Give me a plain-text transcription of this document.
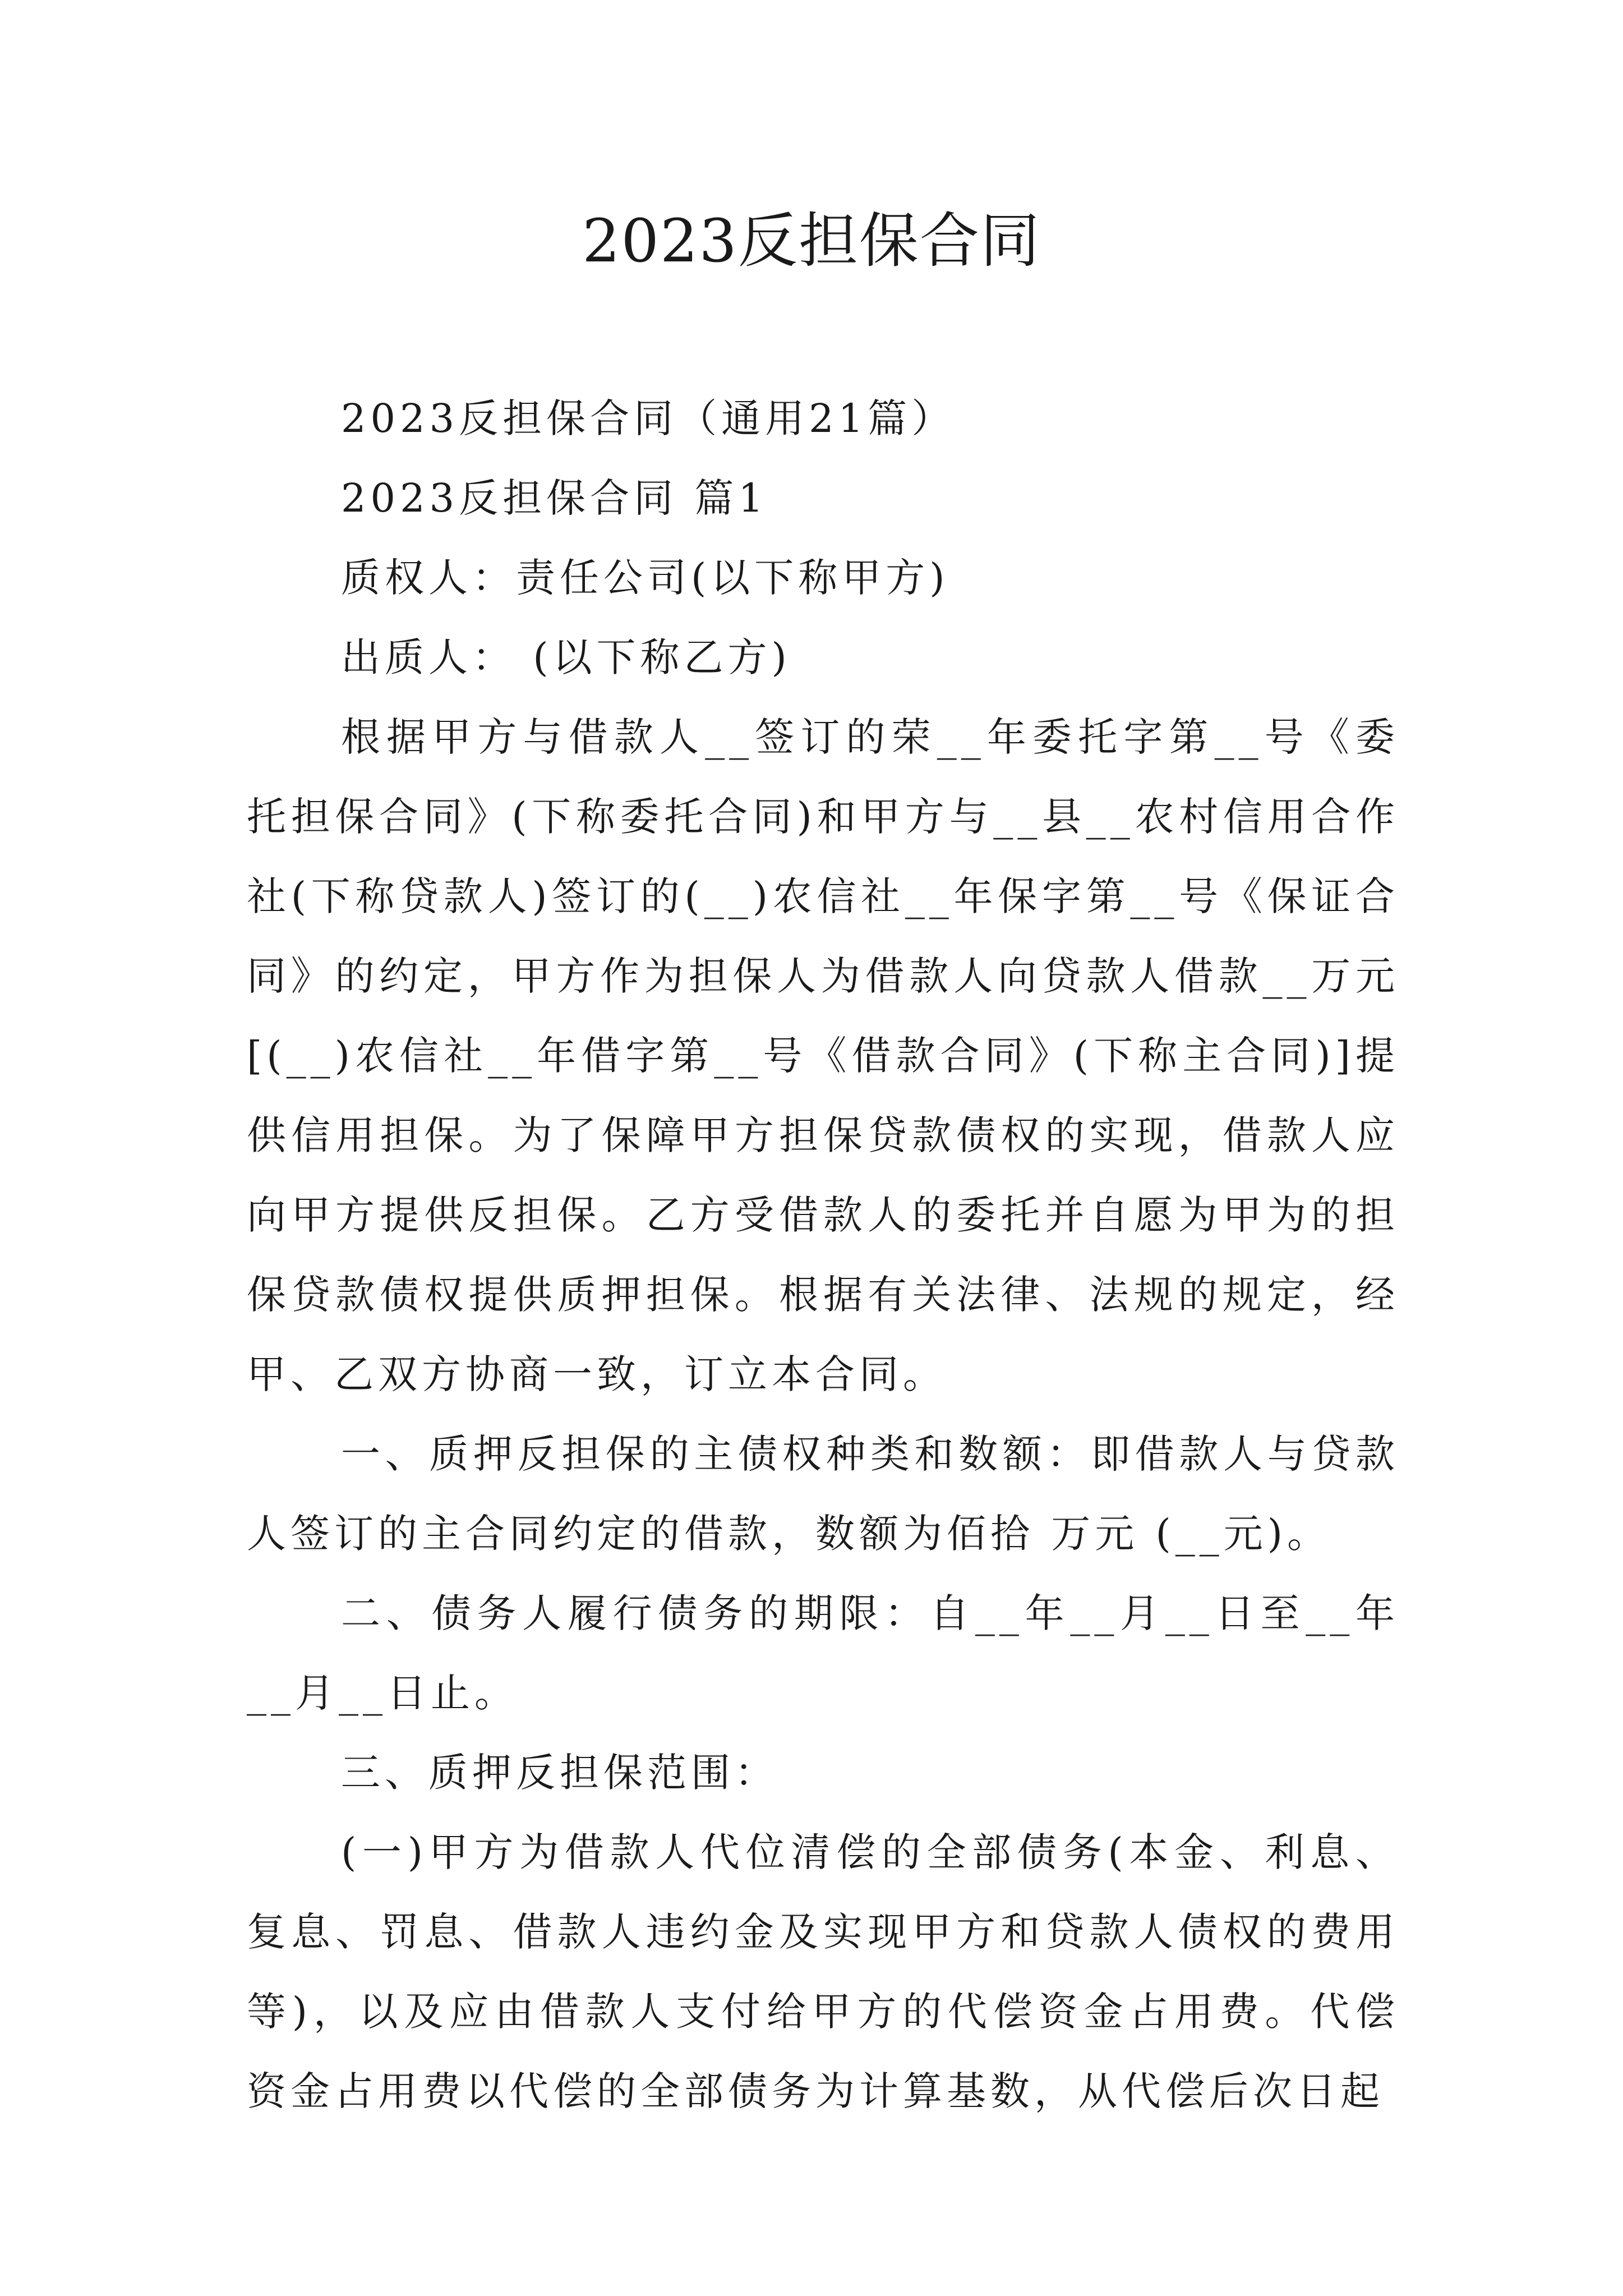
2023反担保合同

2023反担保合同（通用21篇）

2023反担保合同 篇1

质权人：责任公司(以下称甲方)

出质人： (以下称乙方)

根据甲方与借款人__签订的荣__年委托字第__号《委托担保合同》(下称委托合同)和甲方与__县__农村信用合作社(下称贷款人)签订的(__)农信社__年保字第__号《保证合同》的约定，甲方作为担保人为借款人向贷款人借款__万元[(__)农信社__年借字第__号《借款合同》(下称主合同)]提供信用担保。为了保障甲方担保贷款债权的实现，借款人应向甲方提供反担保。乙方受借款人的委托并自愿为甲为的担保贷款债权提供质押担保。根据有关法律、法规的规定，经甲、乙双方协商一致，订立本合同。

一、质押反担保的主债权种类和数额：即借款人与贷款人签订的主合同约定的借款，数额为佰拾 万元 (__元)。

二、债务人履行债务的期限：自__年__月__日至__年__月__日止。

三、质押反担保范围：

(一)甲方为借款人代位清偿的全部债务(本金、利息、复息、罚息、借款人违约金及实现甲方和贷款人债权的费用等)，以及应由借款人支付给甲方的代偿资金占用费。代偿资金占用费以代偿的全部债务为计算基数，从代偿后次日起
